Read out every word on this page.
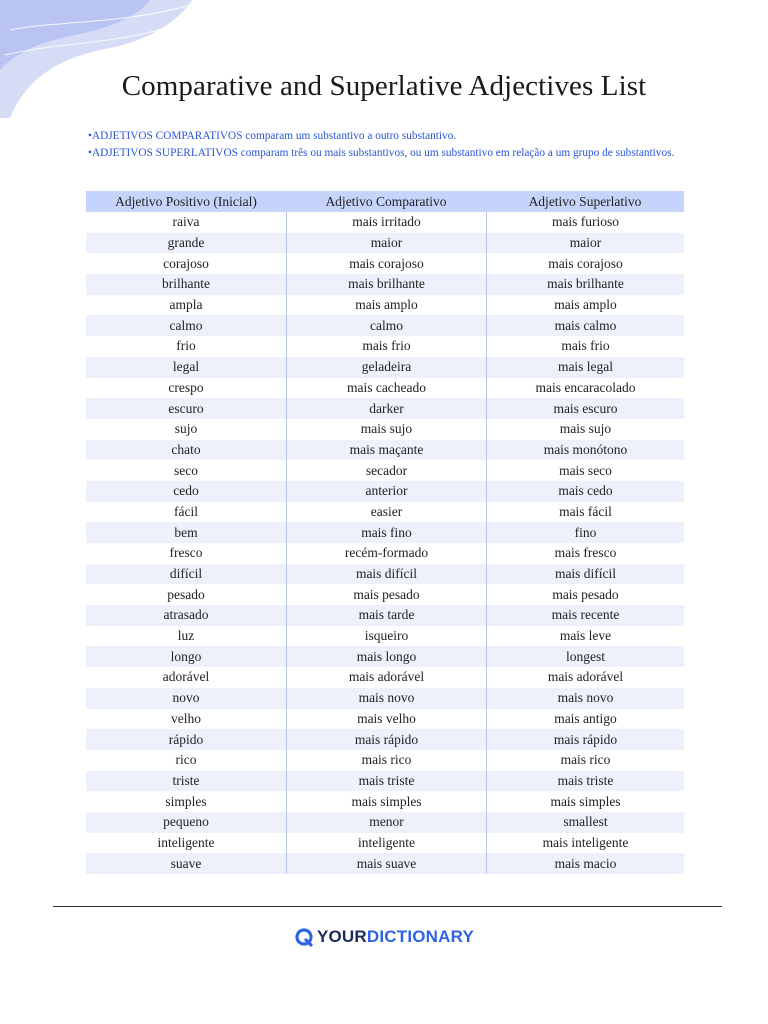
Comparative and Superlative Adjectives List
•ADJETIVOS COMPARATIVOS comparam um substantivo a outro substantivo.
•ADJETIVOS SUPERLATIVOS comparam três ou mais substantivos, ou um substantivo em relação a um grupo de substantivos.
Adjetivo Positivo (Inicial)	Adjetivo Comparativo	Adjetivo Superlativo
raiva	mais irritado	mais furioso
grande	maior	maior
corajoso	mais corajoso	mais corajoso
brilhante	mais brilhante	mais brilhante
ampla	mais amplo	mais amplo
calmo	calmo	mais calmo
frio	mais frio	mais frio
legal	geladeira	mais legal
crespo	mais cacheado	mais encaracolado
escuro	darker	mais escuro
sujo	mais sujo	mais sujo
chato	mais maçante	mais monótono
seco	secador	mais seco
cedo	anterior	mais cedo
fácil	easier	mais fácil
bem	mais fino	fino
fresco	recém-formado	mais fresco
difícil	mais difícil	mais difícil
pesado	mais pesado	mais pesado
atrasado	mais tarde	mais recente
luz	isqueiro	mais leve
longo	mais longo	longest
adorável	mais adorável	mais adorável
novo	mais novo	mais novo
velho	mais velho	mais antigo
rápido	mais rápido	mais rápido
rico	mais rico	mais rico
triste	mais triste	mais triste
simples	mais simples	mais simples
pequeno	menor	smallest
inteligente	inteligente	mais inteligente
suave	mais suave	mais macio
YOURDICTIONARY
